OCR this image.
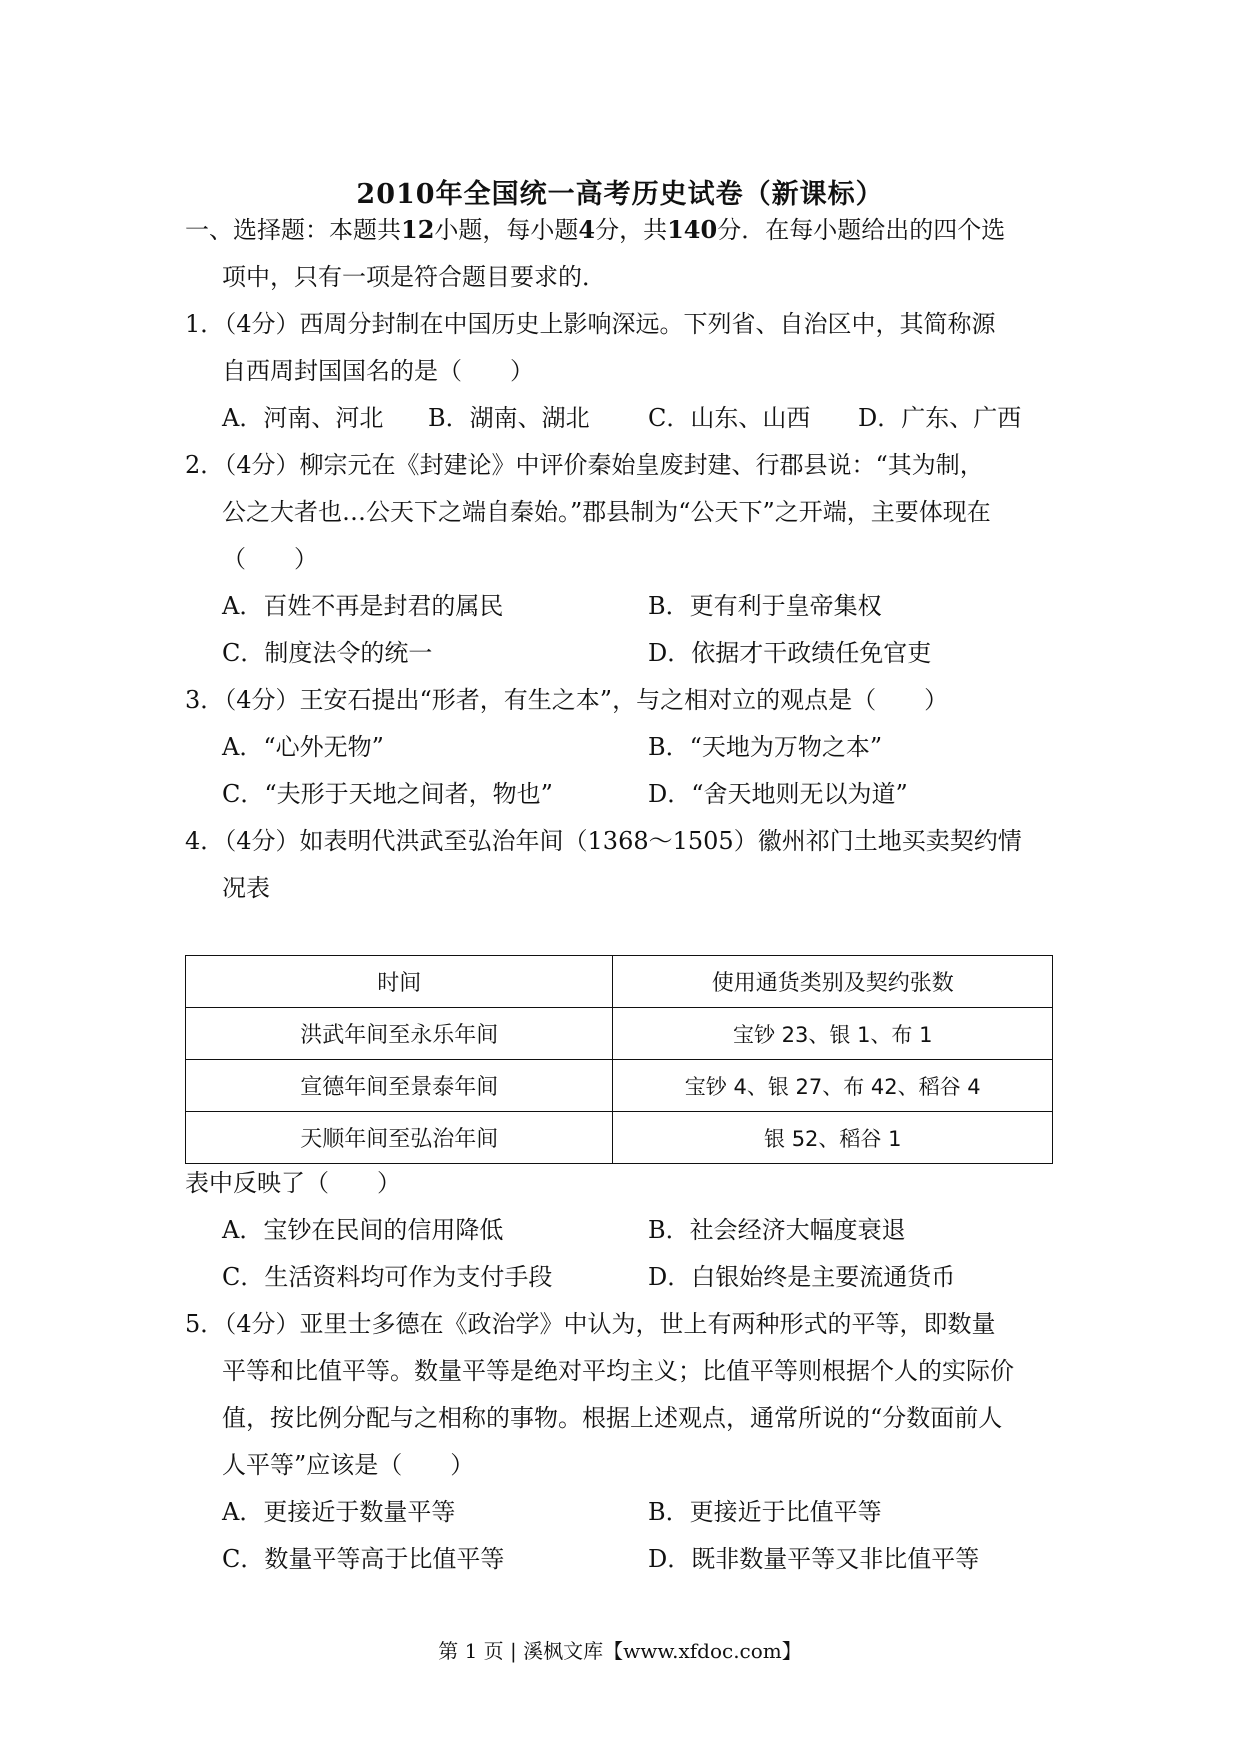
2010年全国统一高考历史试卷（新课标）
一、选择题：本题共12小题，每小题4分，共140分．在每小题给出的四个选
项中，只有一项是符合题目要求的．
1．（4分）西周分封制在中国历史上影响深远。下列省、自治区中，其简称源
自西周封国国名的是（　　）
A．河南、河北 B．湖南、湖北 C．山东、山西 D．广东、广西
2．（4分）柳宗元在《封建论》中评价秦始皇废封建、行郡县说：“其为制，
公之大者也…公天下之端自秦始。”郡县制为“公天下”之开端，主要体现在
（　　）
A．百姓不再是封君的属民	B．更有利于皇帝集权
C．制度法令的统一	D．依据才干政绩任免官吏
3．（4分）王安石提出“形者，有生之本”，与之相对立的观点是（　　）
A．“心外无物”	B．“天地为万物之本”
C．“夫形于天地之间者，物也”	D．“舍天地则无以为道”
4．（4分）如表明代洪武至弘治年间（1368～1505）徽州祁门土地买卖契约情
况表
时间	使用通货类别及契约张数
洪武年间至永乐年间	宝钞 23、银 1、布 1
宣德年间至景泰年间	宝钞 4、银 27、布 42、稻谷 4
天顺年间至弘治年间	银 52、稻谷 1
表中反映了（　　）
A．宝钞在民间的信用降低	B．社会经济大幅度衰退
C．生活资料均可作为支付手段	D．白银始终是主要流通货币
5．（4分）亚里士多德在《政治学》中认为，世上有两种形式的平等，即数量
平等和比值平等。数量平等是绝对平均主义；比值平等则根据个人的实际价
值，按比例分配与之相称的事物。根据上述观点，通常所说的“分数面前人
人平等”应该是（　　）
A．更接近于数量平等	B．更接近于比值平等
C．数量平等高于比值平等	D．既非数量平等又非比值平等
第 1 页 | 溪枫文库【www.xfdoc.com】
